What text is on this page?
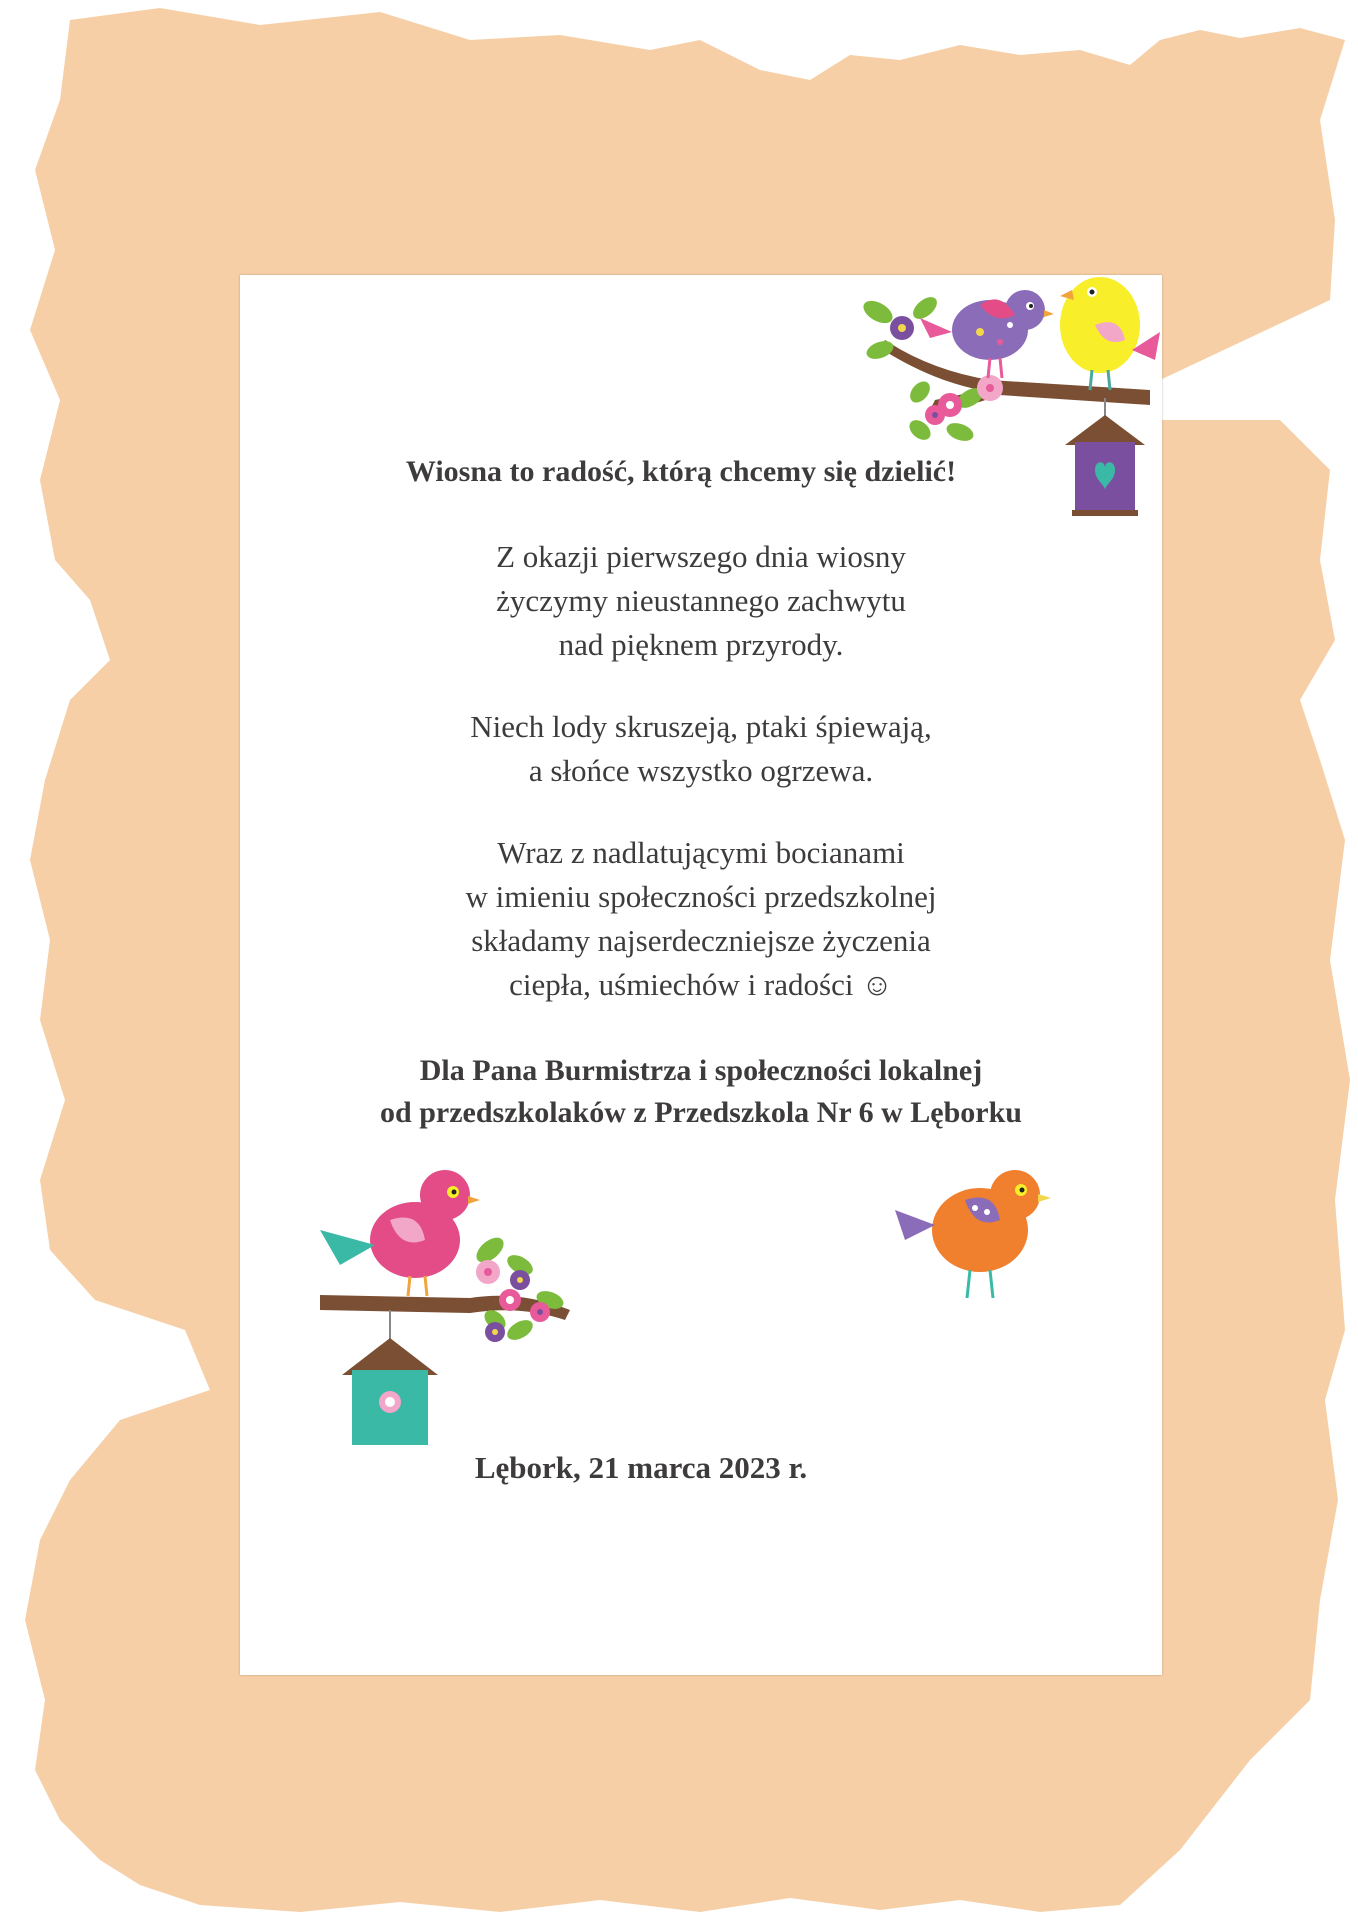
Wiosna to radość, którą chcemy się dzielić!
Z okazji pierwszego dnia wiosny
życzymy nieustannego zachwytu
nad pięknem przyrody.
Niech lody skruszeją, ptaki śpiewają,
a słońce wszystko ogrzewa.
Wraz z nadlatującymi bocianami
w imieniu społeczności przedszkolnej
składamy najserdeczniejsze życzenia
ciepła, uśmiechów i radości ☺
Dla Pana Burmistrza i społeczności lokalnej
od przedszkolaków z Przedszkola Nr 6 w Lęborku
Lębork, 21 marca 2023 r.
